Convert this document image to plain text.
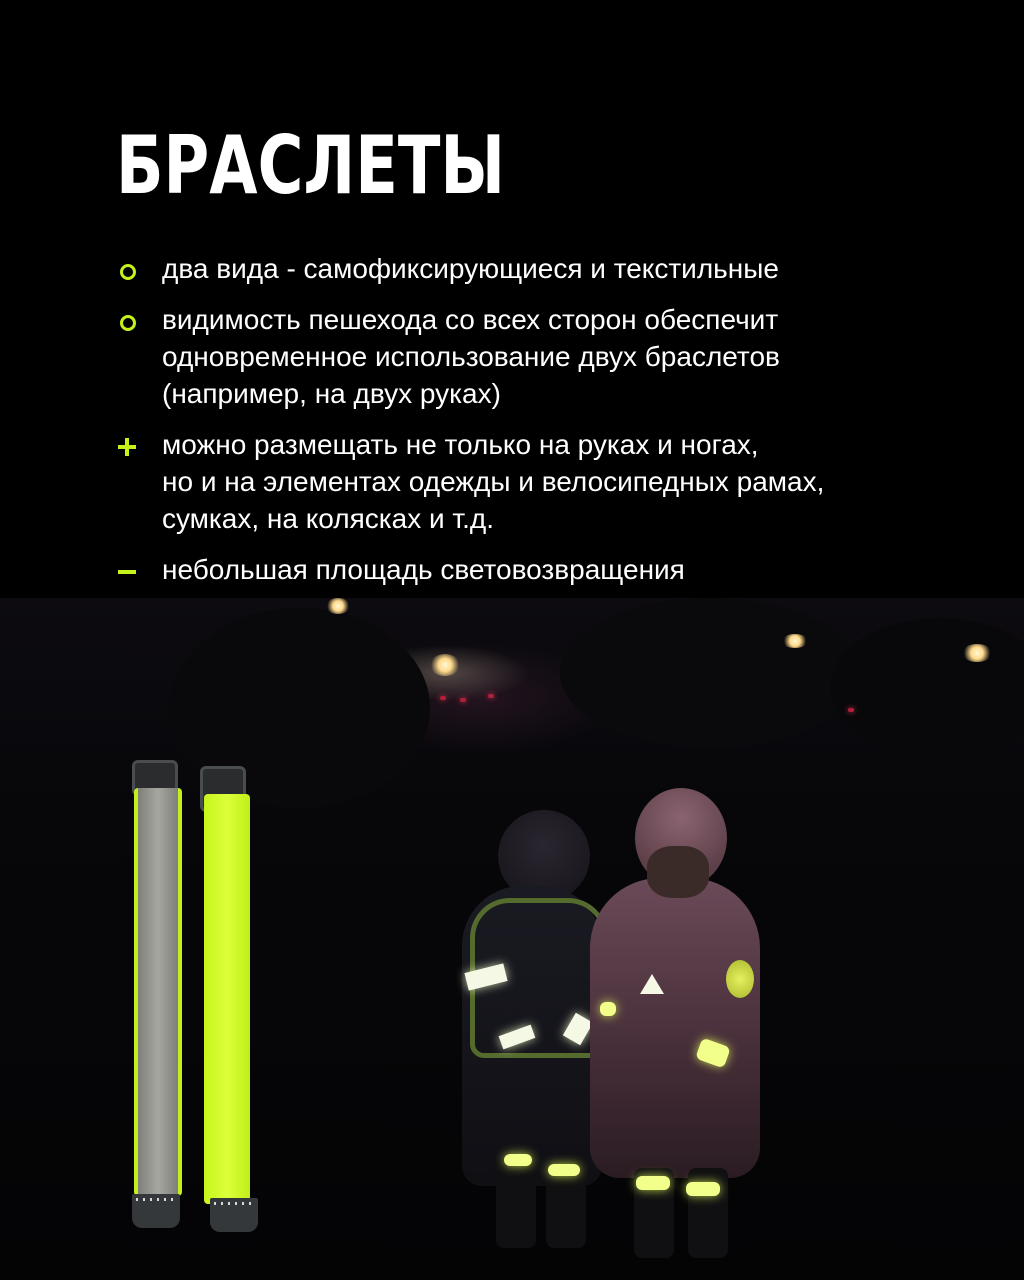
БРАСЛЕТЫ
два вида - самофиксирующиеся и текстильные
видимость пешехода со всех сторон обеспечит
одновременное использование двух браслетов
(например, на двух руках)
можно размещать не только на руках и ногах,
но и на элементах одежды и велосипедных рамах,
сумках, на колясках и т.д.
небольшая площадь световозвращения
